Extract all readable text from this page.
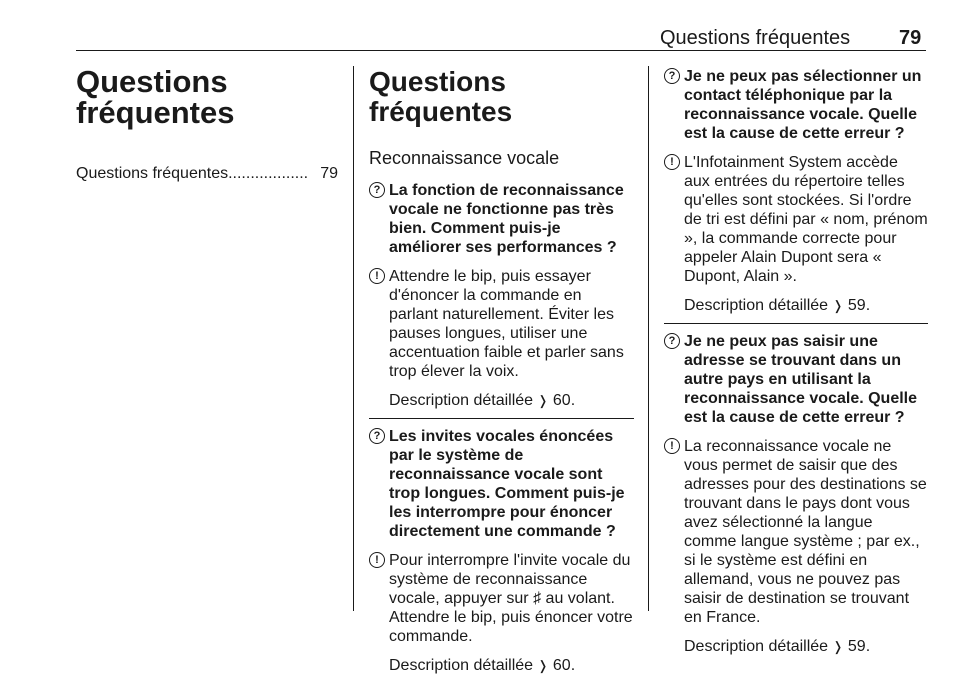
Questions fréquentes 79
Questions
fréquentes
Questions fréquentes .................. 79
Questions fréquentes
Reconnaissance vocale
? La fonction de reconnaissance vocale ne fonctionne pas très bien. Comment puis-je améliorer ses performances ?
! Attendre le bip, puis essayer d'énoncer la commande en parlant naturellement. Éviter les pauses longues, utiliser une accentuation faible et parler sans trop élever la voix.
Description détaillée ❭ 60.
? Les invites vocales énoncées par le système de reconnaissance vocale sont trop longues. Comment puis-je les interrompre pour énoncer directement une commande ?
! Pour interrompre l'invite vocale du système de reconnaissance vocale, appuyer sur ♯ au volant. Attendre le bip, puis énoncer votre commande.
Description détaillée ❭ 60.
? Je ne peux pas sélectionner un contact téléphonique par la reconnaissance vocale. Quelle est la cause de cette erreur ?
! L'Infotainment System accède aux entrées du répertoire telles qu'elles sont stockées. Si l'ordre de tri est défini par « nom, prénom », la commande correcte pour appeler Alain Dupont sera « Dupont, Alain ».
Description détaillée ❭ 59.
? Je ne peux pas saisir une adresse se trouvant dans un autre pays en utilisant la reconnaissance vocale. Quelle est la cause de cette erreur ?
! La reconnaissance vocale ne vous permet de saisir que des adresses pour des destinations se trouvant dans le pays dont vous avez sélectionné la langue comme langue système ; par ex., si le système est défini en allemand, vous ne pouvez pas saisir de destination se trouvant en France.
Description détaillée ❭ 59.
